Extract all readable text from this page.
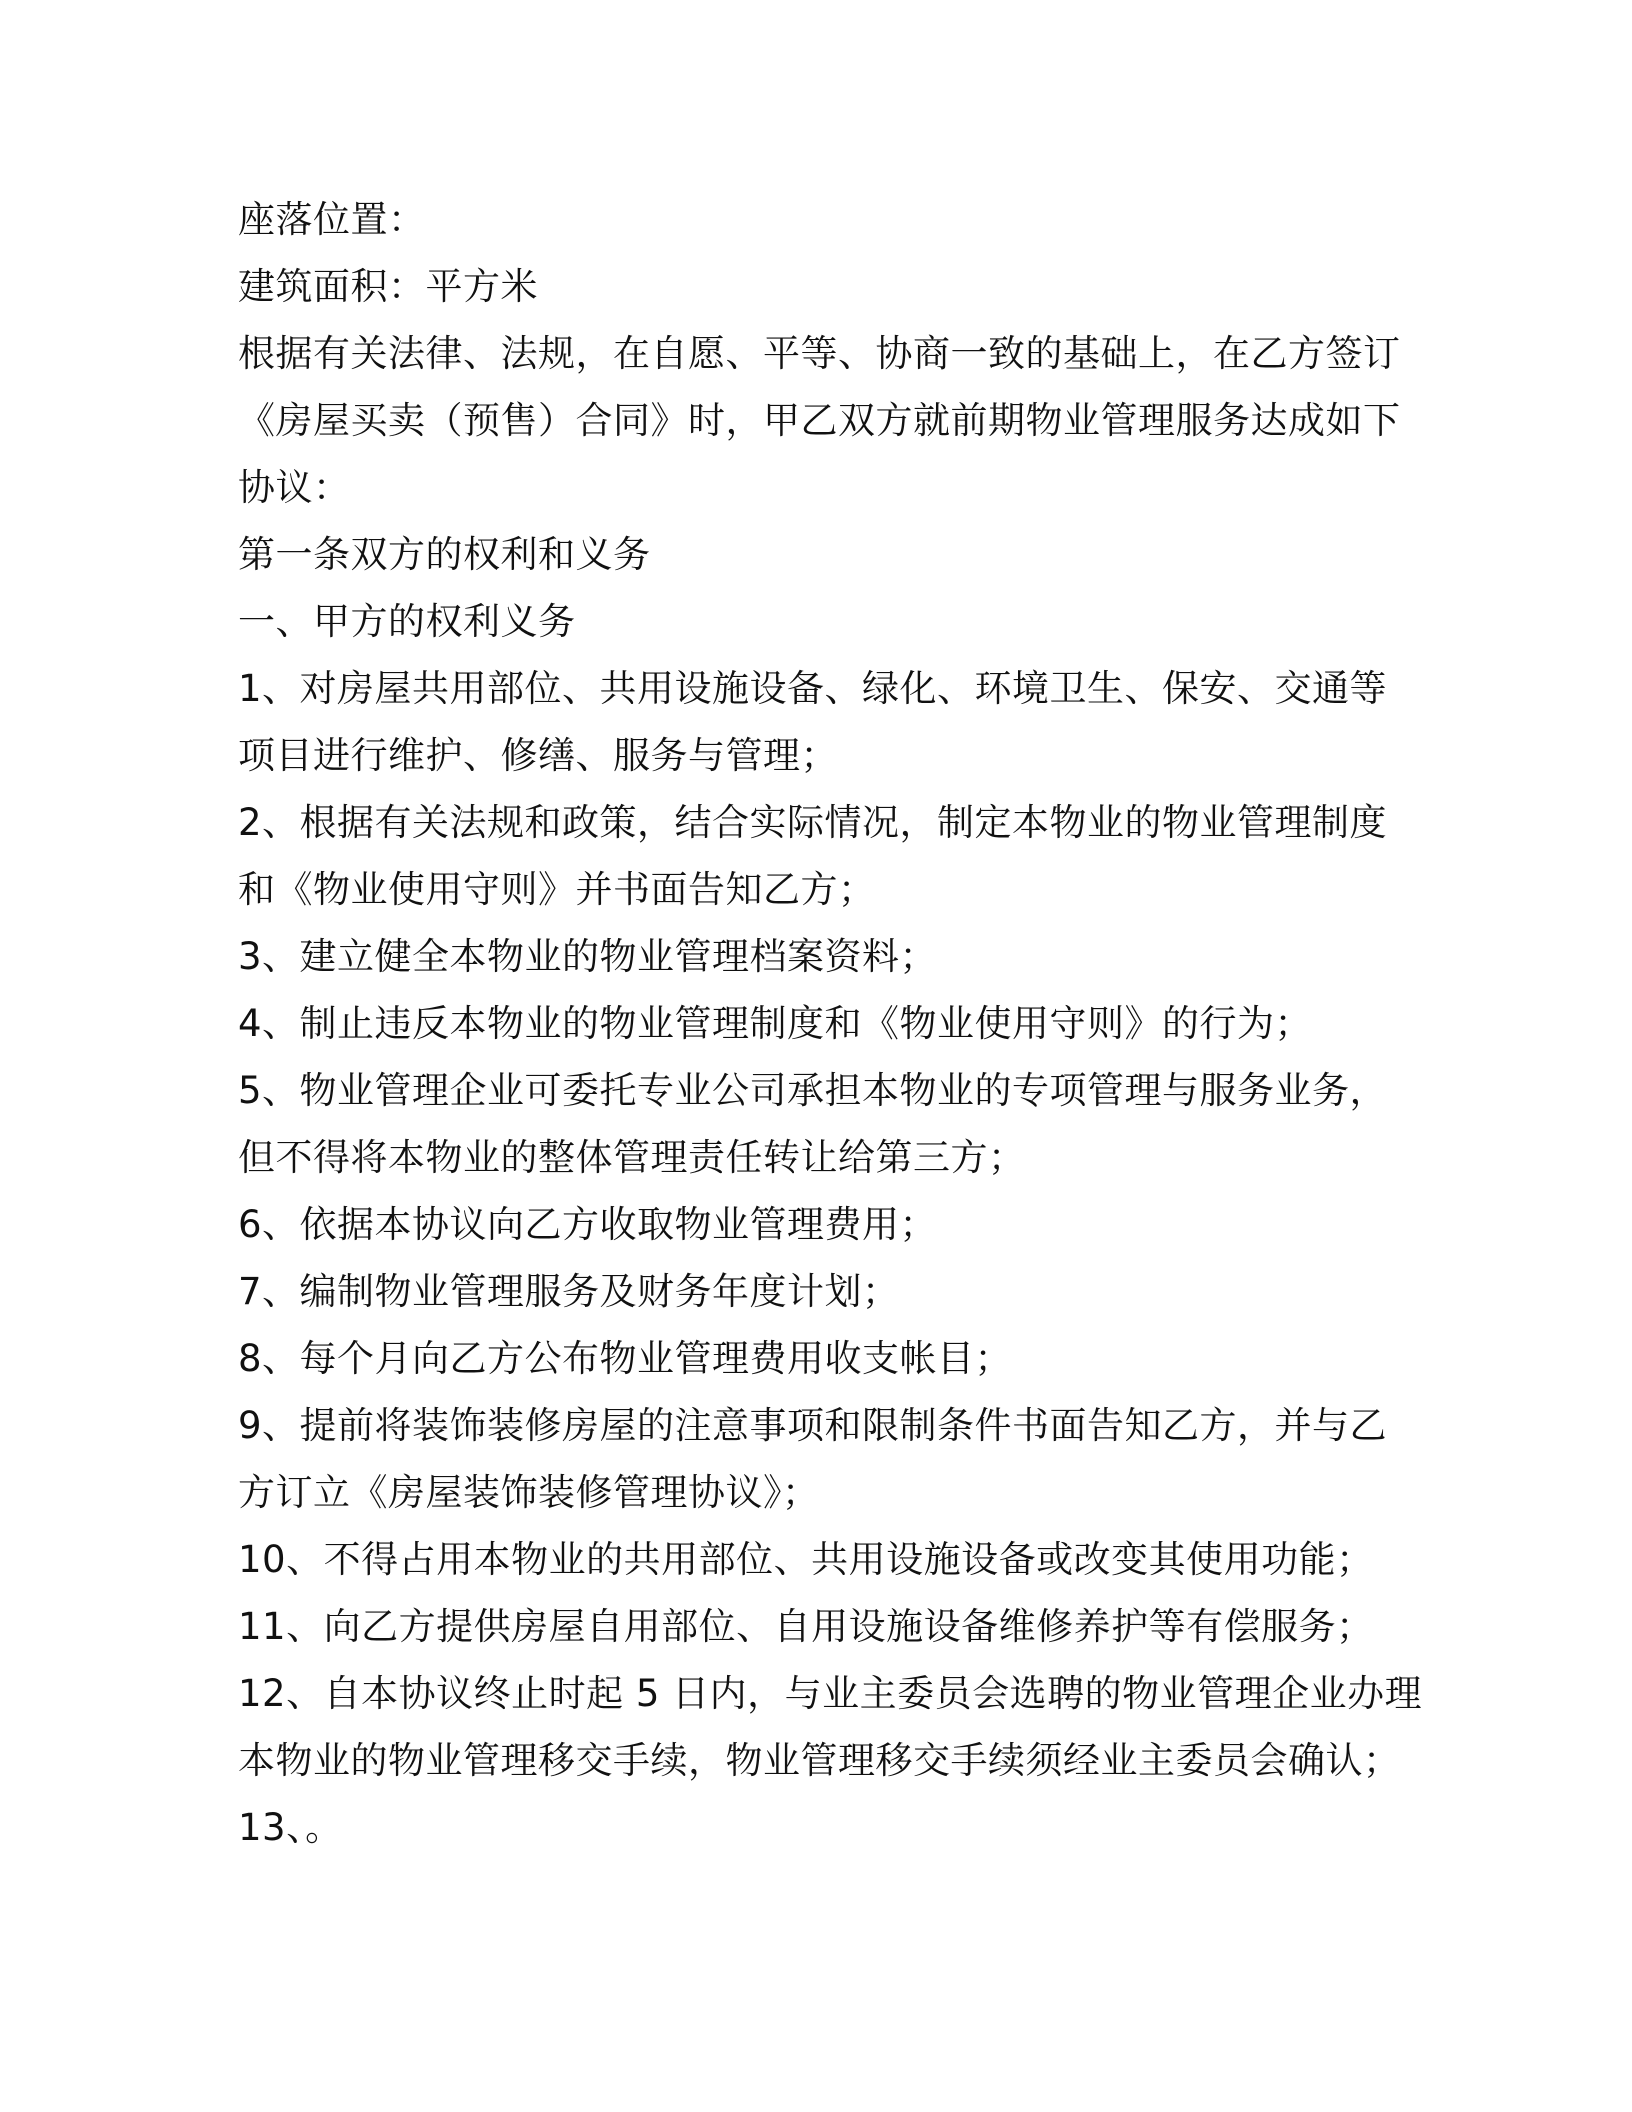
座落位置：
建筑面积：平方米
根据有关法律、法规，在自愿、平等、协商一致的基础上，在乙方签订
《房屋买卖（预售）合同》时，甲乙双方就前期物业管理服务达成如下
协议：
第一条双方的权利和义务
一、甲方的权利义务
1、对房屋共用部位、共用设施设备、绿化、环境卫生、保安、交通等
项目进行维护、修缮、服务与管理；
2、根据有关法规和政策，结合实际情况，制定本物业的物业管理制度
和《物业使用守则》并书面告知乙方；
3、建立健全本物业的物业管理档案资料；
4、制止违反本物业的物业管理制度和《物业使用守则》的行为；
5、物业管理企业可委托专业公司承担本物业的专项管理与服务业务，
但不得将本物业的整体管理责任转让给第三方；
6、依据本协议向乙方收取物业管理费用；
7、编制物业管理服务及财务年度计划；
8、每个月向乙方公布物业管理费用收支帐目；
9、提前将装饰装修房屋的注意事项和限制条件书面告知乙方，并与乙
方订立《房屋装饰装修管理协议》；
10、不得占用本物业的共用部位、共用设施设备或改变其使用功能；
11、向乙方提供房屋自用部位、自用设施设备维修养护等有偿服务；
12、自本协议终止时起 5 日内，与业主委员会选聘的物业管理企业办理
本物业的物业管理移交手续，物业管理移交手续须经业主委员会确认；
13、。
